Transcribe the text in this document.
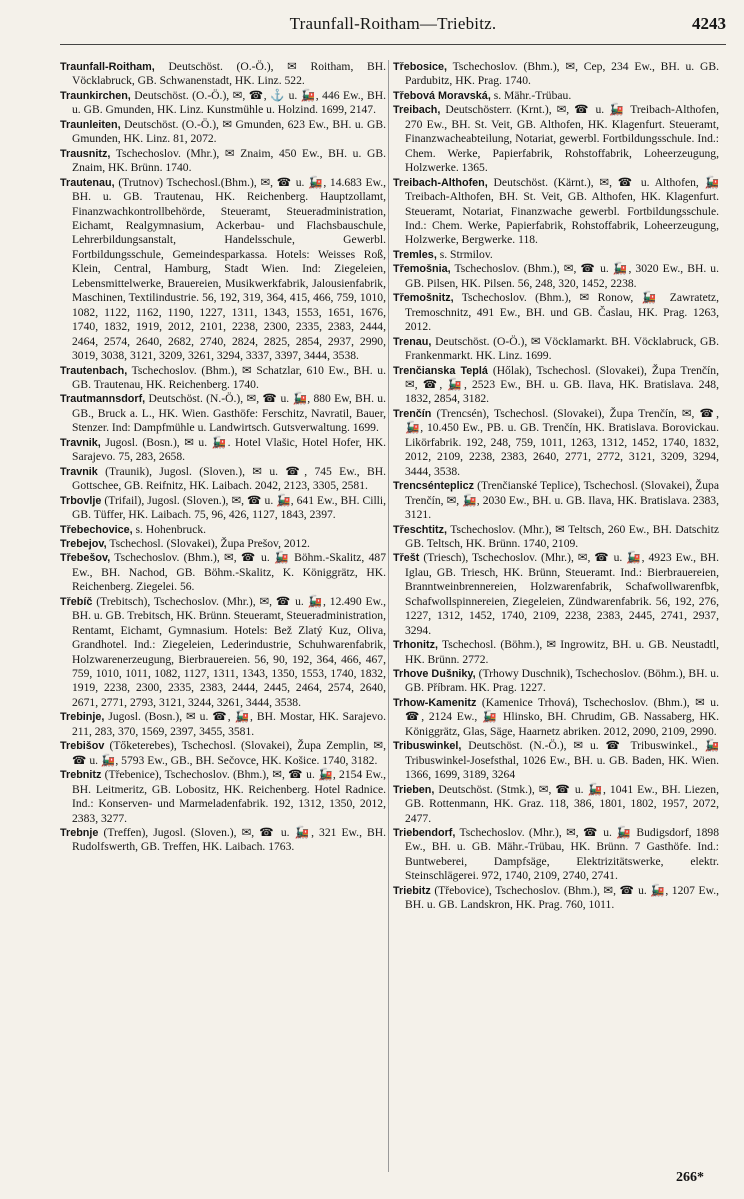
Traunfall-Roitham—Triebitz.	4243

Traunfall-Roitham, Deutschöst. (O.-Ö.), ✉ Roitham, BH. Vöcklabruck, GB. Schwanenstadt, HK. Linz. 522.

Traunkirchen, Deutschöst. (O.-Ö.), ✉, ☎, ⚓ u. 🚂, 446 Ew., BH. u. GB. Gmunden, HK. Linz. Kunstmühle u. Holzind. 1699, 2147.

Traunleiten, Deutschöst. (O.-Ö.), ✉ Gmunden, 623 Ew., BH. u. GB. Gmunden, HK. Linz. 81, 2072.

Trausnitz, Tschechoslov. (Mhr.), ✉ Znaim, 450 Ew., BH. u. GB. Znaim, HK. Brünn. 1740.

Trautenau, (Trutnov) Tschechosl.(Bhm.), ✉, ☎ u. 🚂, 14.683 Ew., BH. u. GB. Trautenau, HK. Reichenberg. Hauptzollamt, Finanzwachkontrollbehörde, Steueramt, Steueradministration, Eichamt, Realgymnasium, Ackerbau- und Flachsbauschule, Lehrerbildungsanstalt, Handelsschule, Gewerbl. Fortbildungsschule, Gemeindesparkassa. Hotels: Weisses Roß, Klein, Central, Hamburg, Stadt Wien. Ind: Ziegeleien, Lebensmittelwerke, Brauereien, Musikwerkfabrik, Jalousienfabrik, Maschinen, Textilindustrie. 56, 192, 319, 364, 415, 466, 759, 1010, 1082, 1122, 1162, 1190, 1227, 1311, 1343, 1553, 1651, 1676, 1740, 1832, 1919, 2012, 2101, 2238, 2300, 2335, 2383, 2444, 2464, 2574, 2640, 2682, 2740, 2824, 2825, 2854, 2937, 2990, 3019, 3038, 3121, 3209, 3261, 3294, 3337, 3397, 3444, 3538.

Trautenbach, Tschechoslov. (Bhm.), ✉ Schatzlar, 610 Ew., BH. u. GB. Trautenau, HK. Reichenberg. 1740.

Trautmannsdorf, Deutschöst. (N.-Ö.), ✉, ☎ u. 🚂, 880 Ew, BH. u. GB., Bruck a. L., HK. Wien. Gasthöfe: Ferschitz, Navratil, Bauer, Stenzer. Ind: Dampfmühle u. Landwirtsch. Gutsverwaltung. 1699.

Travnik, Jugosl. (Bosn.), ✉ u. 🚂. Hotel Vlašic, Hotel Hofer, HK. Sarajevo. 75, 283, 2658.

Travnik (Traunik), Jugosl. (Sloven.), ✉ u. ☎, 745 Ew., BH. Gottschee, GB. Reifnitz, HK. Laibach. 2042, 2123, 3305, 2581.

Trbovlje (Trifail), Jugosl. (Sloven.), ✉, ☎ u. 🚂, 641 Ew., BH. Cilli, GB. Tüffer, HK. Laibach. 75, 96, 426, 1127, 1843, 2397.

Třebechovice, s. Hohenbruck.

Trebejov, Tschechosl. (Slovakei), Župa Prešov, 2012.

Třebešov, Tschechoslov. (Bhm.), ✉, ☎ u. 🚂 Böhm.-Skalitz, 487 Ew., BH. Nachod, GB. Böhm.-Skalitz, K. Königgrätz, HK. Reichenberg. Ziegelei. 56.

Třebíč (Trebitsch), Tschechoslov. (Mhr.), ✉, ☎ u. 🚂, 12.490 Ew., BH. u. GB. Trebitsch, HK. Brünn. Steueramt, Steueradministration, Rentamt, Eichamt, Gymnasium. Hotels: Bež Zlatý Kuz, Oliva, Grandhotel. Ind.: Ziegeleien, Lederindustrie, Schuhwarenfabrik, Holzwarenerzeugung, Bierbrauereien. 56, 90, 192, 364, 466, 467, 759, 1010, 1011, 1082, 1127, 1311, 1343, 1350, 1553, 1740, 1832, 1919, 2238, 2300, 2335, 2383, 2444, 2445, 2464, 2574, 2640, 2671, 2771, 2793, 3121, 3244, 3261, 3444, 3538.

Trebinje, Jugosl. (Bosn.), ✉ u. ☎, 🚂, BH. Mostar, HK. Sarajevo. 211, 283, 370, 1569, 2397, 3455, 3581.

Trebišov (Tőketerebes), Tschechosl. (Slovakei), Župa Zemplin, ✉, ☎ u. 🚂, 5793 Ew., GB., BH. Sečovce, HK. Košice. 1740, 3182.

Trebnitz (Třebenice), Tschechoslov. (Bhm.), ✉, ☎ u. 🚂, 2154 Ew., BH. Leitmeritz, GB. Lobositz, HK. Reichenberg. Hotel Radnice. Ind.: Konserven- und Marmeladenfabrik. 192, 1312, 1350, 2012, 2383, 3277.

Trebnje (Treffen), Jugosl. (Sloven.), ✉, ☎ u. 🚂, 321 Ew., BH. Rudolfswerth, GB. Treffen, HK. Laibach. 1763.

Třebosice, Tschechoslov. (Bhm.), ✉, Cep, 234 Ew., BH. u. GB. Pardubitz, HK. Prag. 1740.

Třebová Moravská, s. Mähr.-Trübau.

Treibach, Deutschösterr. (Krnt.), ✉, ☎ u. 🚂 Treibach-Althofen, 270 Ew., BH. St. Veit, GB. Althofen, HK. Klagenfurt. Steueramt, Finanzwacheabteilung, Notariat, gewerbl. Fortbildungsschule. Ind.: Chem. Werke, Papierfabrik, Rohstoffabrik, Loheerzeugung, Holzwerke. 1365.

Treibach-Althofen, Deutschöst. (Kärnt.), ✉, ☎ u. Althofen, 🚂 Treibach-Althofen, BH. St. Veit, GB. Althofen, HK. Klagenfurt. Steueramt, Notariat, Finanzwache gewerbl. Fortbildungsschule. Ind.: Chem. Werke, Papierfabrik, Rohstoffabrik, Loheerzeugung, Holzwerke, Bergwerke. 118.

Tremles, s. Strmilov.

Třemošnia, Tschechoslov. (Bhm.), ✉, ☎ u. 🚂, 3020 Ew., BH. u. GB. Pilsen, HK. Pilsen. 56, 248, 320, 1452, 2238.

Třemošnitz, Tschechoslov. (Bhm.), ✉ Ronow, 🚂 Zawratetz, Tremoschnitz, 491 Ew., BH. und GB. Časlau, HK. Prag. 1263, 2012.

Trenau, Deutschöst. (O-Ö.), ✉ Vöcklamarkt. BH. Vöcklabruck, GB. Frankenmarkt. HK. Linz. 1699.

Trenčianska Teplá (Hőlak), Tschechosl. (Slovakei), Župa Trenčín, ✉, ☎, 🚂, 2523 Ew., BH. u. GB. Ilava, HK. Bratislava. 248, 1832, 2854, 3182.

Trenčín (Trencsén), Tschechosl. (Slovakei), Župa Trenčín, ✉, ☎, 🚂, 10.450 Ew., PB. u. GB. Trenčín, HK. Bratislava. Borovickau. Likörfabrik. 192, 248, 759, 1011, 1263, 1312, 1452, 1740, 1832, 2012, 2109, 2238, 2383, 2640, 2771, 2772, 3121, 3209, 3294, 3444, 3538.

Trencsénteplicz (Trenčianské Teplice), Tschechosl. (Slovakei), Župa Trenčín, ✉, 🚂, 2030 Ew., BH. u. GB. Ilava, HK. Bratislava. 2383, 3121.

Třeschtitz, Tschechoslov. (Mhr.), ✉ Teltsch, 260 Ew., BH. Datschitz GB. Teltsch, HK. Brünn. 1740, 2109.

Třešt (Triesch), Tschechoslov. (Mhr.), ✉, ☎ u. 🚂, 4923 Ew., BH. Iglau, GB. Triesch, HK. Brünn, Steueramt. Ind.: Bierbrauereien, Branntweinbrennereien, Holzwarenfabrik, Schafwollwarenfbk, Schafwollspinnereien, Ziegeleien, Zündwarenfabrik. 56, 192, 276, 1227, 1312, 1452, 1740, 2109, 2238, 2383, 2445, 2741, 2937, 3294.

Trhonitz, Tschechosl. (Böhm.), ✉ Ingrowitz, BH. u. GB. Neustadtl, HK. Brünn. 2772.

Trhove Dušniky, (Trhowy Duschnik), Tschechoslov. (Böhm.), BH. u. GB. Příbram. HK. Prag. 1227.

Trhow-Kamenitz (Kamenice Trhová), Tschechoslov. (Bhm.), ✉ u. ☎, 2124 Ew., 🚂 Hlinsko, BH. Chrudim, GB. Nassaberg, HK. Königgrätz, Glas, Säge, Haarnetz abriken. 2012, 2090, 2109, 2990.

Tribuswinkel, Deutschöst. (N.-Ö.), ✉ u. ☎ Tribuswinkel., 🚂 Tribuswinkel-Josefsthal, 1026 Ew., BH. u. GB. Baden, HK. Wien. 1366, 1699, 3189, 3264

Trieben, Deutschöst. (Stmk.), ✉, ☎ u. 🚂, 1041 Ew., BH. Liezen, GB. Rottenmann, HK. Graz. 118, 386, 1801, 1802, 1957, 2072, 2477.

Triebendorf, Tschechoslov. (Mhr.), ✉, ☎ u. 🚂 Budigsdorf, 1898 Ew., BH. u. GB. Mähr.-Trübau, HK. Brünn. 7 Gasthöfe. Ind.: Buntweberei, Dampfsäge, Elektrizitätswerke, elektr. Steinschlägerei. 972, 1740, 2109, 2740, 2741.

Triebitz (Třebovice), Tschechoslov. (Bhm.), ✉, ☎ u. 🚂, 1207 Ew., BH. u. GB. Landskron, HK. Prag. 760, 1011.

266*
